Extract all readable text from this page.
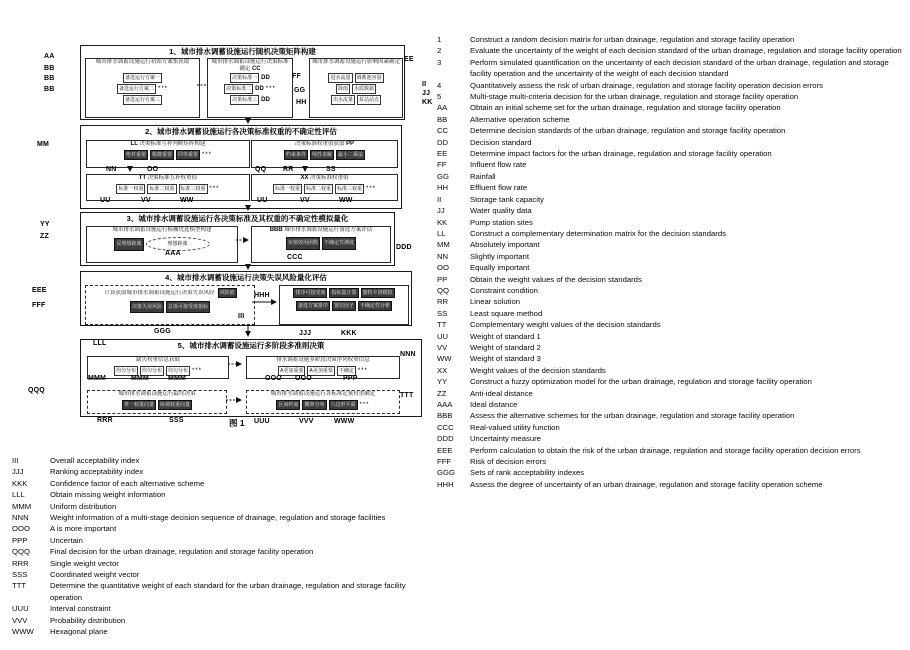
1、城市排水调蓄设施运行随机决策矩阵构建
城市排水调蓄设施运行初始方案集获取
备选运行方案一
备选运行方案二 ***
备选运行方案三
城市排水调蓄设施运行决策标准确定 CC
决策标准一 DD
决策标准二 DD ***
决策标准三 DD
城市排水调蓄设施运行影响因素确定
进水流量	调蓄池容量
降雨	水质数据
出水流量	泵站站点
2、城市排水调蓄设施运行各决策标准权重的不确定性评估
LL 决策标准互补判断矩阵构建
绝对重要	稍微重要	同等重要 ***
决策标准权重值获取 PP
约束条件	线性求解	最小二乘法
TT 决策标准互补权重值
标准一权重	标准二权重	标准三权重 ***
XX 决策标准权重值
标准一权重	标准二权重	标准三权重 ***
3、城市排水调蓄设施运行各决策标准及其权重的不确定性模拟量化
城市排水调蓄设施运行模糊优选模型构建
反理想距离	理想距离
BBB 城市排水调蓄设施运行备选方案评估
实值效用函数	不确定性测度
4、城市排水调蓄设施运行决策失误风险量化评估
计算获取城市排水调蓄设施运行决策失误风险	风险值
决策失误风险	总体可接受度指标
排序可接受度	指标集计算	蒙特卡洛模拟
备选方案排序	置信因子	不确定性分析
5、城市排水调蓄设施运行多阶段多准则决策
缺失权重信息获取
均匀分布	均匀分布	均匀分布 ***
排水调蓄设施多阶段决策序列权重信息
A更加重要	A更加重要	不确定 ***
城市排水调蓄设施运行最终决策
单一权重向量	协调权重向量
城市排水调蓄设施运行各标准定量权重确定
区间约束	概率分布	六边形平面 ***
AA
BB
BB
BB
EE
FF
GG
HH
II
JJ
KK
MM
NN	OO	QQ RR	SS
UU	VV	WW	UU	VV	WW
YY
ZZ
AAA
CCC
DDD
EEE
FFF
HHH
III
GGG	JJJ	KKK
LLL
QQQ
NNN
TTT
MMM	MMM	MMM	OOO OOO	PPP
RRR	SSS	UUU	VVV	WWW
图 1
1	Construct a random decision matrix for urban drainage, regulation and storage facility operation
2	Evaluate the uncertainty of the weight of each decision standard of the urban drainage, regulation and storage facility operation
3	Perform simulated quantification on the uncertainty of each decision standard of the urban drainage, regulation and storage facility operation and the uncertainty of the weight of each decision standard
4	Quantitatively assess the risk of urban drainage, regulation and storage facility operation decision errors
5	Multi-stage multi-criteria decision for the urban drainage, regulation and storage facility operation
AA	Obtain an initial scheme set for the urban drainage, regulation and storage facility operation
BB	Alternative operation scheme
CC	Determine decision standards of the urban drainage, regulation and storage facility operation
DD	Decision standard
EE	Determine impact factors for the urban drainage, regulation and storage facility operation
FF	Influent flow rate
GG	Rainfall
HH	Effluent flow rate
II	Storage tank capacity
JJ	Water quality data
KK	Pump station sites
LL	Construct a complementary determination matrix for the decision standards
MM	Absolutely important
NN	Slightly important
OO	Equally important
PP	Obtain the weight values of the decision standards
QQ	Constraint condition
RR	Linear solution
SS	Least square method
TT	Complementary weight values of the decision standards
UU	Weight of standard 1
VV	Weight of standard 2
WW	Weight of standard 3
XX	Weight values of the decision standards
YY	Construct a fuzzy optimization model for the urban drainage, regulation and storage facility operation
ZZ	Anti-ideal distance
AAA	Ideal distance
BBB	Assess the alternative schemes for the urban drainage, regulation and storage facility operation
CCC	Real-valued utility function
DDD	Uncertainty measure
EEE	Perform calculation to obtain the risk of the urban drainage, regulation and storage facility operation decision errors
FFF	Risk of decision errors
GGG	Sets of rank acceptability indexes
HHH	Assess the degree of uncertainty of an urban drainage, regulation and storage facility operation scheme
III	Overall acceptability index
JJJ	Ranking acceptability index
KKK	Confidence factor of each alternative scheme
LLL	Obtain missing weight information
MMM	Uniform distribution
NNN	Weight information of a multi-stage decision sequence of drainage, regulation and storage facilities
OOO	A is more important
PPP	Uncertain
QQQ	Final decision for the urban drainage, regulation and storage facility operation
RRR	Single weight vector
SSS	Coordinated weight vector
TTT	Determine the quantitative weight of each standard for the urban drainage, regulation and storage facility operation
UUU	Interval constraint
VVV	Probability distribution
WWW	Hexagonal plane
